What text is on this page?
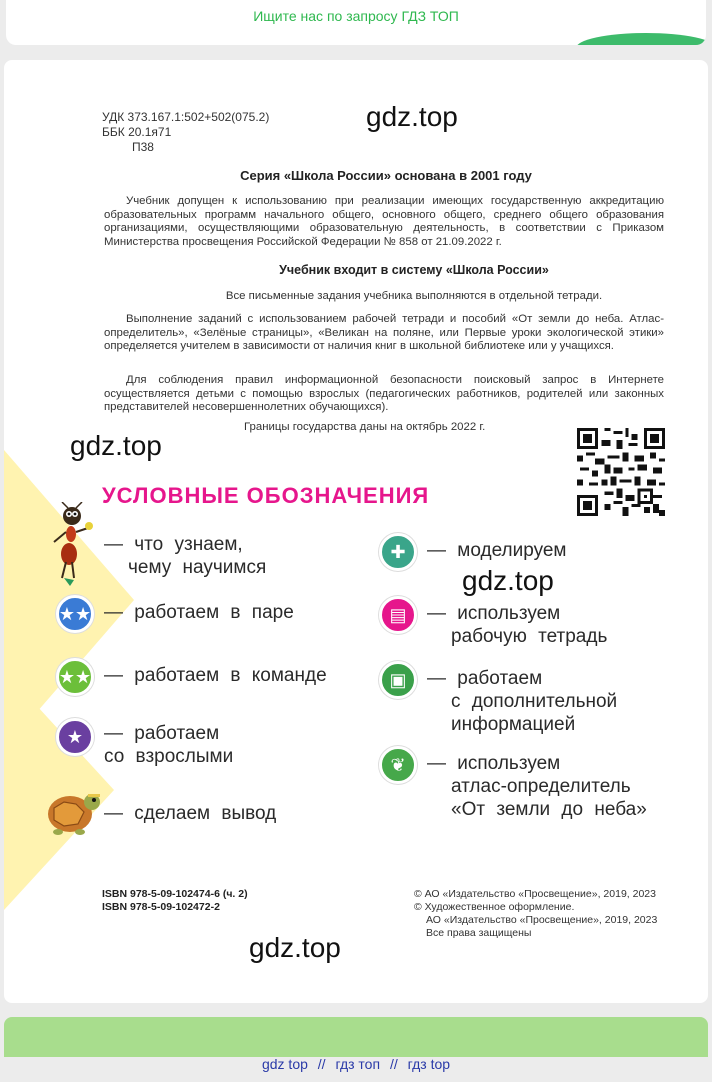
Ищите нас по запросу ГДЗ ТОП
УДК 373.167.1:502+502(075.2)
ББК 20.1я71
П38
gdz.top
Серия «Школа России» основана в 2001 году
Учебник допущен к использованию при реализации имеющих государственную аккредитацию образовательных программ начального общего, основного общего, среднего общего образования организациями, осуществляющими образовательную деятельность, в соответствии с Приказом Министерства просвещения Российской Федерации № 858 от 21.09.2022 г.
Учебник входит в систему «Школа России»
Все письменные задания учебника выполняются в отдельной тетради.
Выполнение заданий с использованием рабочей тетради и пособий «От земли до неба. Атлас-определитель», «Зелёные страницы», «Великан на поляне, или Первые уроки экологической этики» определяется учителем в зависимости от наличия книг в школьной библиотеке или у учащихся.
Для соблюдения правил информационной безопасности поисковый запрос в Интернете осуществляется детьми с помощью взрослых (педагогических работников, родителей или законных представителей несовершеннолетних обучающихся).
Границы государства даны на октябрь 2022 г.
gdz.top
УСЛОВНЫЕ ОБОЗНАЧЕНИЯ
— что узнаем,
чему научимся
★★ — работаем в паре
★★ — работаем в команде
★ — работаем
со взрослыми
— сделаем вывод
✚ — моделируем
gdz.top
▤ — используем
рабочую тетрадь
▣ — работаем
с дополнительной
информацией
❦ — используем
атлас-определитель
«От земли до неба»
ISBN 978-5-09-102474-6 (ч. 2)
ISBN 978-5-09-102472-2
© АО «Издательство «Просвещение», 2019, 2023
© Художественное оформление.
АО «Издательство «Просвещение», 2019, 2023
Все права защищены
gdz.top
gdz top // гдз топ // гдз top
